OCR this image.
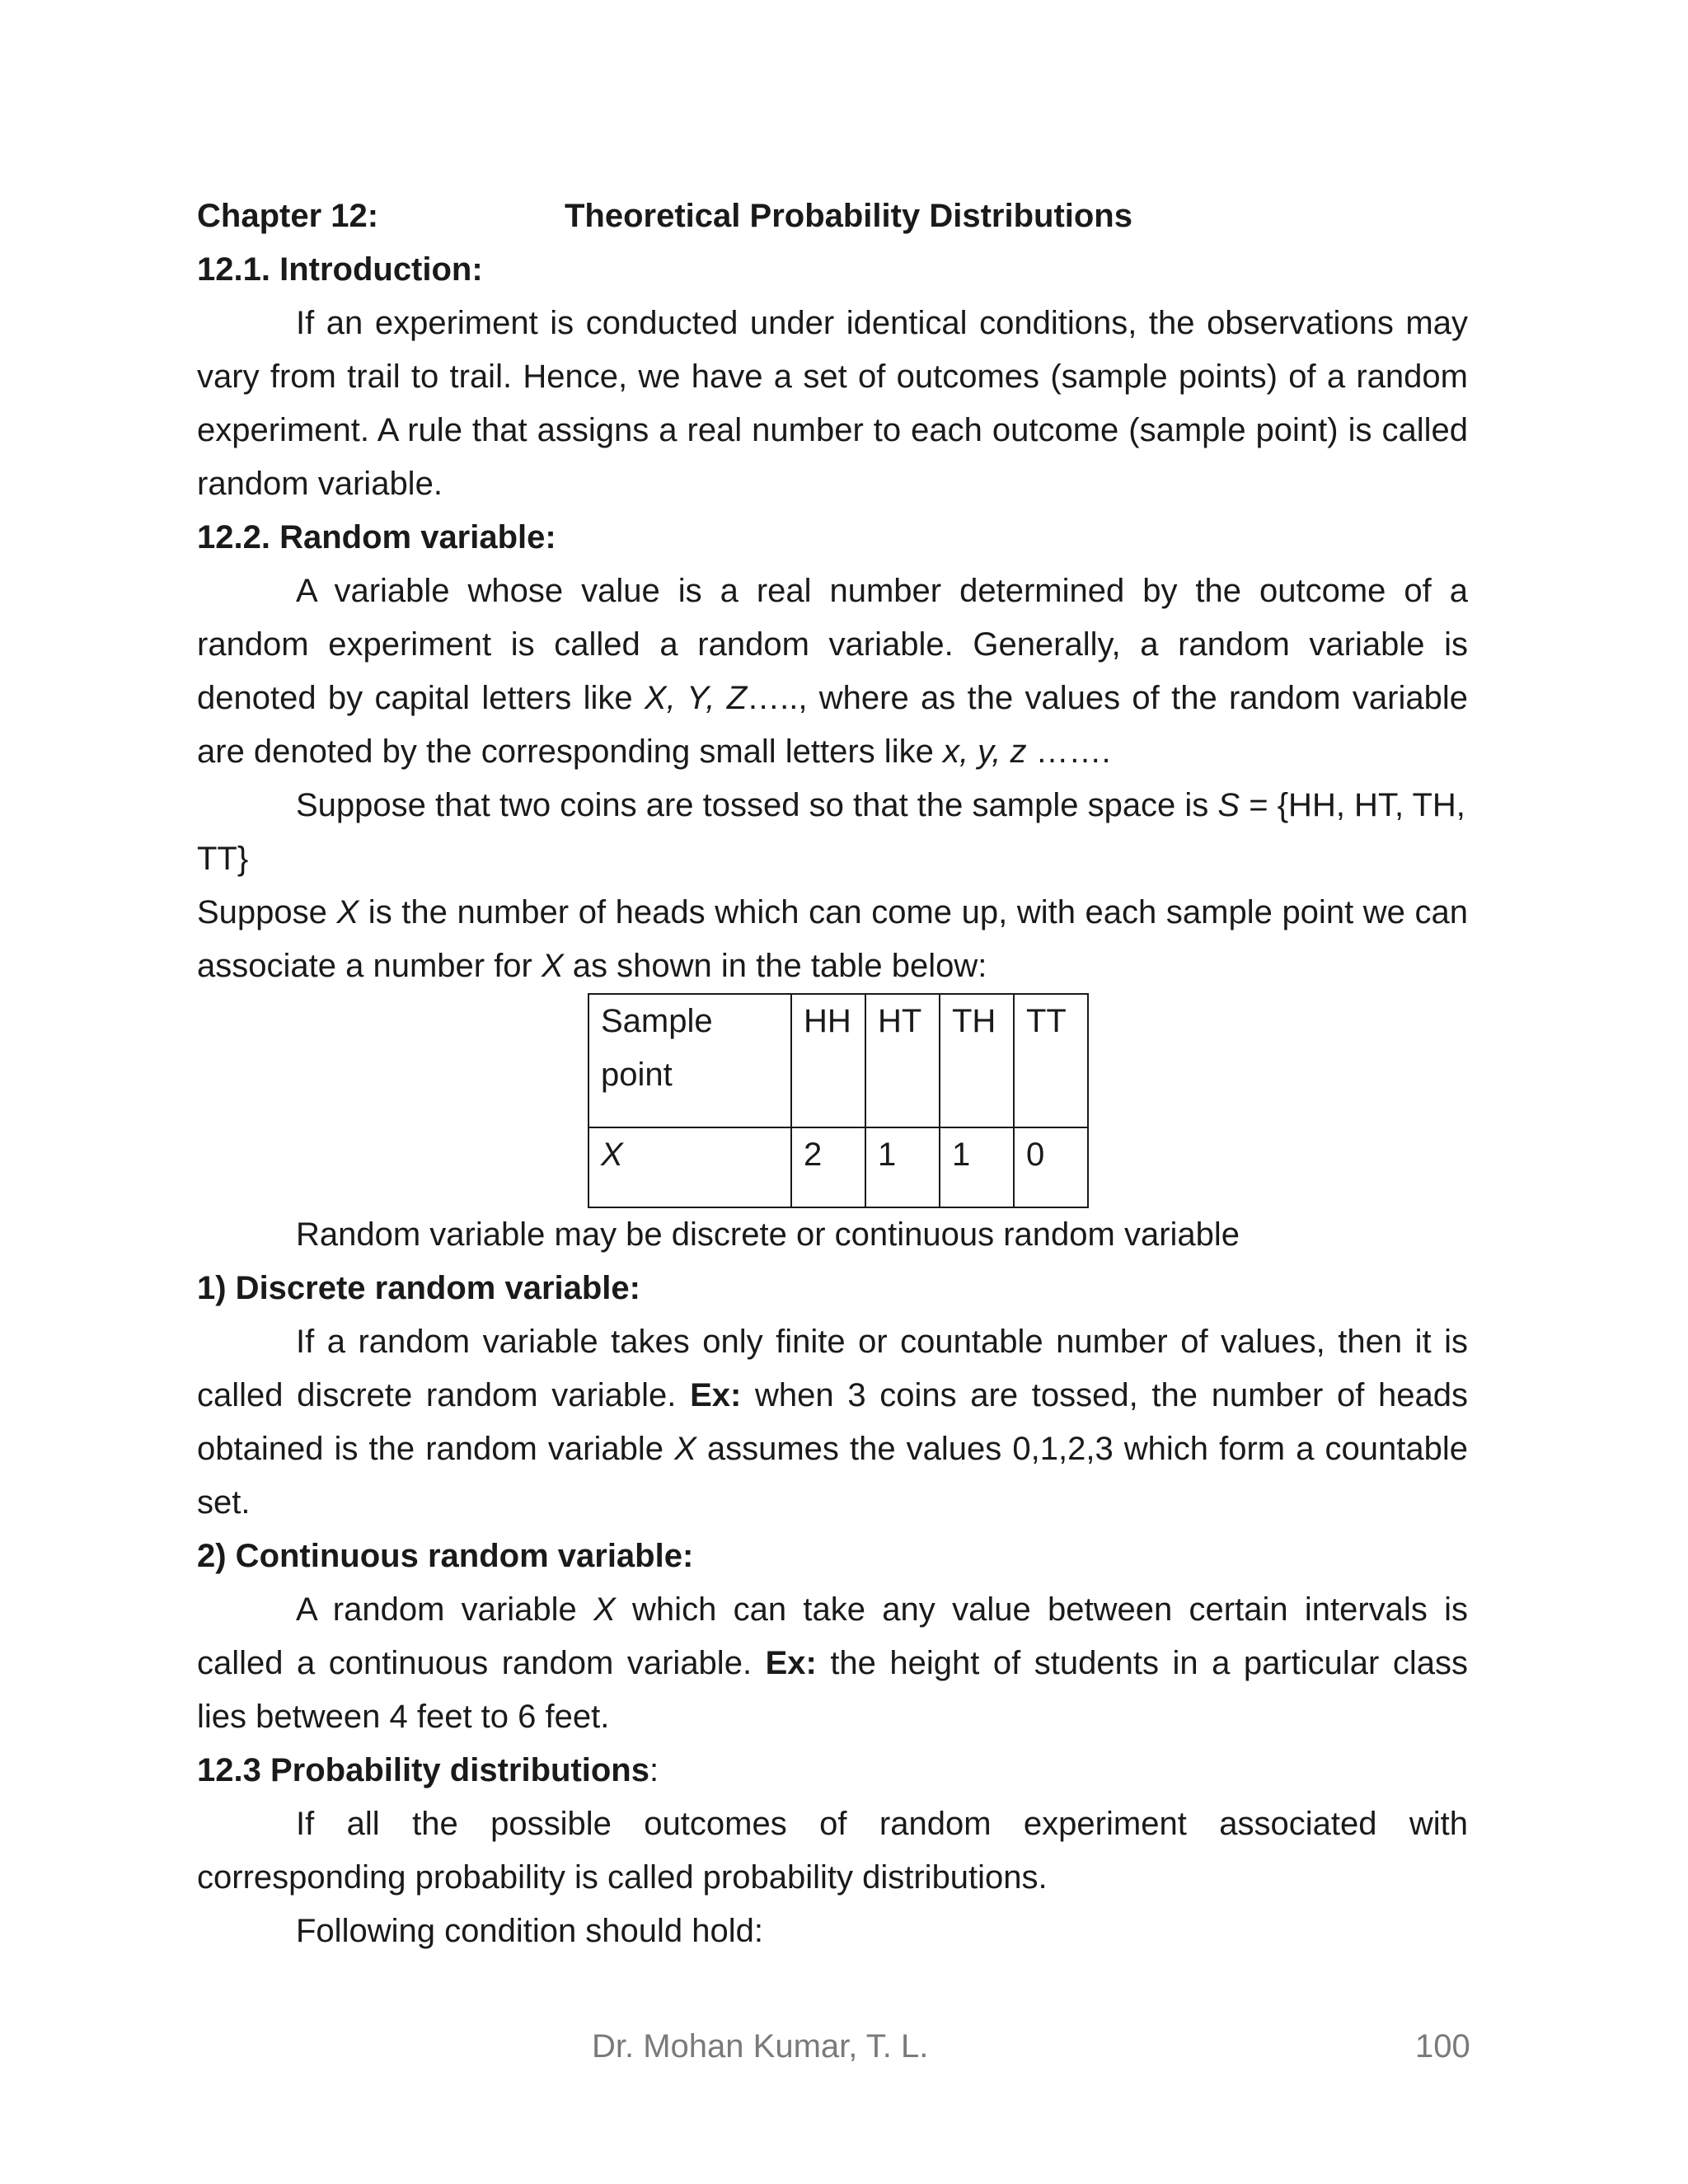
Chapter 12:	Theoretical Probability Distributions
12.1. Introduction:
If an experiment is conducted under identical conditions, the observations may vary from trail to trail. Hence, we have a set of outcomes (sample points) of a random experiment. A rule that assigns a real number to each outcome (sample point) is called random variable.
12.2. Random variable:
A variable whose value is a real number determined by the outcome of a random experiment is called a random variable. Generally, a random variable is denoted by capital letters like X, Y, Z….., where as the values of the random variable are denoted by the corresponding small letters like x, y, z …….
Suppose that two coins are tossed so that the sample space is S = {HH, HT, TH,
TT}
Suppose X is the number of heads which can come up, with each sample point we can associate a number for X as shown in the table below:
Sample point	HH	HT	TH	TT
X	2	1	1	0
Random variable may be discrete or continuous random variable
1) Discrete random variable:
If a random variable takes only finite or countable number of values, then it is called discrete random variable. Ex: when 3 coins are tossed, the number of heads obtained is the random variable X assumes the values 0,1,2,3 which form a countable set.
2) Continuous random variable:
A random variable X which can take any value between certain intervals is called a continuous random variable. Ex: the height of students in a particular class lies between 4 feet to 6 feet.
12.3 Probability distributions:
If all the possible outcomes of random experiment associated with corresponding probability is called probability distributions.
Following condition should hold:
Dr. Mohan Kumar, T. L.	100
